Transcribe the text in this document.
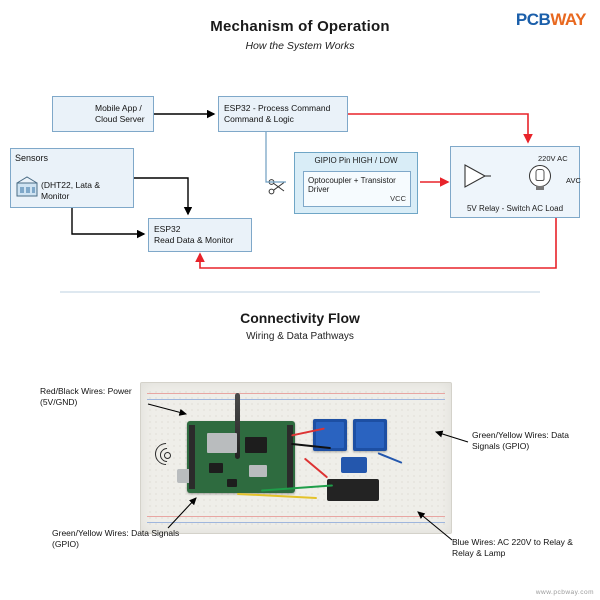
Mechanism of Operation
How the System Works
PCBWAY
Mobile App /
Cloud Server
Sensors
(DHT22, Lata &
Monitor
ESP32
Read Data & Monitor
ESP32 - Process Command
Command & Logic
GIPIO Pin HIGH / LOW
Optocoupler + Transistor Driver
VCC
5V Relay - Switch AC Load
220V AC
AVC
Connectivity Flow
Wiring & Data Pathways
Red/Black Wires: Power (5V/GND)
Green/Yellow Wires: Data Signals (GPIO)
Green/Yellow Wires: Data Signals (GPIO)
Blue Wires: AC 220V to Relay & Relay & Lamp
www.pcbway.com
